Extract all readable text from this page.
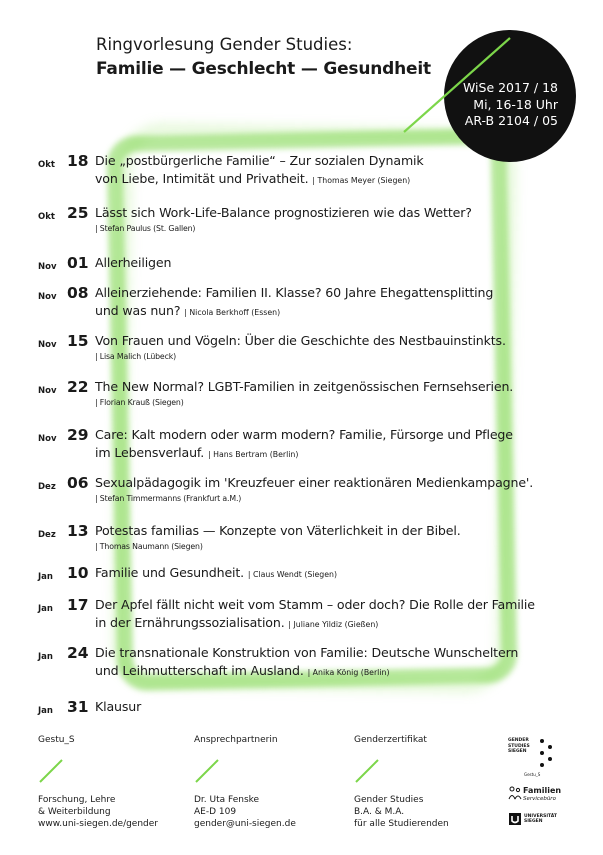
Ringvorlesung Gender Studies:
Familie — Geschlecht — Gesundheit
WiSe 2017 / 18
Mi, 16-18 Uhr
AR-B 2104 / 05
Okt 18 Die „postbürgerliche Familie“ – Zur sozialen Dynamik
von Liebe, Intimität und Privatheit. | Thomas Meyer (Siegen)
Okt 25 Lässt sich Work-Life-Balance prognostizieren wie das Wetter?
| Stefan Paulus (St. Gallen)
Nov 01 Allerheiligen
Nov 08 Alleinerziehende: Familien II. Klasse? 60 Jahre Ehegattensplitting
und was nun? | Nicola Berkhoff (Essen)
Nov 15 Von Frauen und Vögeln: Über die Geschichte des Nestbauinstinkts.
| Lisa Malich (Lübeck)
Nov 22 The New Normal? LGBT-Familien in zeitgenössischen Fernsehserien.
| Florian Krauß (Siegen)
Nov 29 Care: Kalt modern oder warm modern? Familie, Fürsorge und Pflege
im Lebensverlauf. | Hans Bertram (Berlin)
Dez 06 Sexualpädagogik im 'Kreuzfeuer einer reaktionären Medienkampagne'.
| Stefan Timmermanns (Frankfurt a.M.)
Dez 13 Potestas familias — Konzepte von Väterlichkeit in der Bibel.
| Thomas Naumann (Siegen)
Jan 10 Familie und Gesundheit. | Claus Wendt (Siegen)
Jan 17 Der Apfel fällt nicht weit vom Stamm – oder doch? Die Rolle der Familie
in der Ernährungssozialisation. | Juliane Yildiz (Gießen)
Jan 24 Die transnationale Konstruktion von Familie: Deutsche Wunscheltern
und Leihmutterschaft im Ausland. | Anika König (Berlin)
Jan 31 Klausur
Gestu_S
Forschung, Lehre
& Weiterbildung
www.uni-siegen.de/gender
Ansprechpartnerin
Dr. Uta Fenske
AE-D 109
gender@uni-siegen.de
Genderzertifikat
Gender Studies
B.A. & M.A.
für alle Studierenden
GENDER
STUDIES
SIEGEN
Gestu_S
Familien
Servicebüro
UNIVERSITÄT
SIEGEN
